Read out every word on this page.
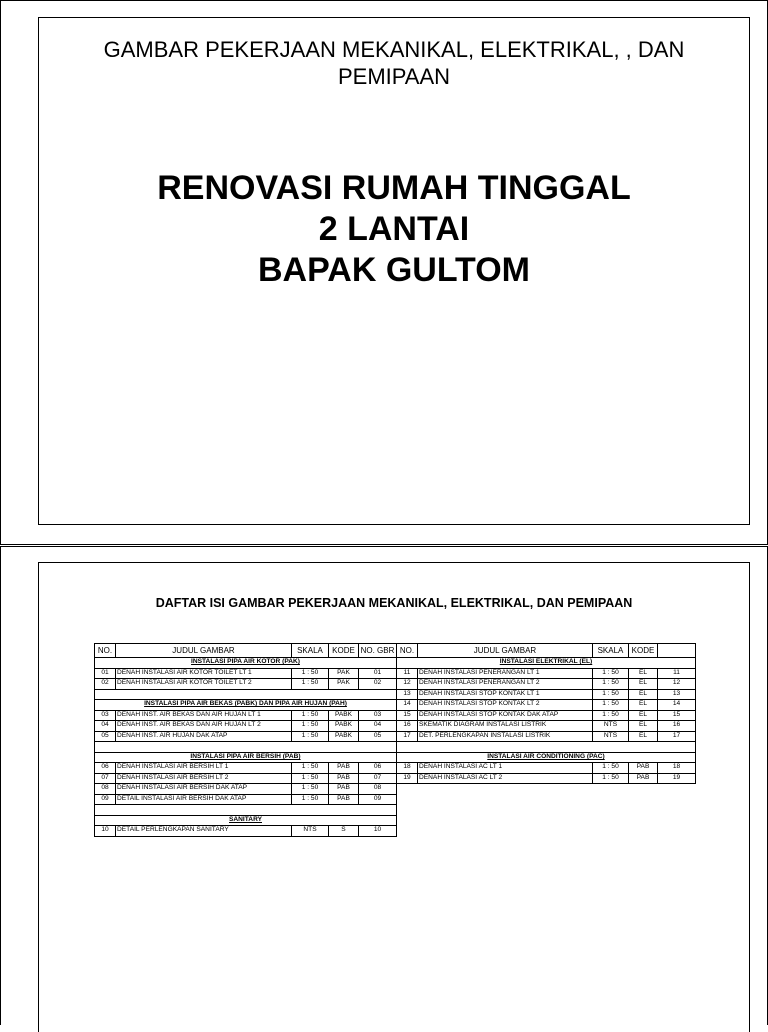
GAMBAR PEKERJAAN MEKANIKAL, ELEKTRIKAL, , DAN
PEMIPAAN
RENOVASI RUMAH TINGGAL
2 LANTAI
BAPAK GULTOM
DAFTAR ISI GAMBAR PEKERJAAN MEKANIKAL, ELEKTRIKAL, DAN PEMIPAAN
NO.	JUDUL GAMBAR	SKALA	KODE	NO. GBR
INSTALASI PIPA AIR KOTOR (PAK)				
01	DENAH INSTALASI AIR KOTOR TOILET LT 1	1 : 50	PAK	01
02	DENAH INSTALASI AIR KOTOR TOILET LT 2	1 : 50	PAK	02

INSTALASI PIPA AIR BEKAS (PABK) DAN PIPA AIR HUJAN (PAH)				
03	DENAH INST. AIR BEKAS DAN AIR HUJAN LT 1	1 : 50	PABK	03
04	DENAH INST. AIR BEKAS DAN AIR HUJAN LT 2	1 : 50	PABK	04
05	DENAH INST. AIR HUJAN DAK ATAP	1 : 50	PABK	05

INSTALASI PIPA AIR BERSIH (PAB)				
06	DENAH INSTALASI AIR BERSIH LT 1	1 : 50	PAB	06
07	DENAH INSTALASI AIR BERSIH LT 2	1 : 50	PAB	07
08	DENAH INSTALASI AIR BERSIH DAK ATAP	1 : 50	PAB	08
09	DETAIL INSTALASI AIR BERSIH DAK ATAP	1 : 50	PAB	09

SANITARY				
10	DETAIL PERLENGKAPAN SANITARY	NTS	S	10
NO.	JUDUL GAMBAR	SKALA	KODE	
INSTALASI ELEKTRIKAL (EL)				
11	DENAH INSTALASI PENERANGAN LT 1	1 : 50	EL	11
12	DENAH INSTALASI PENERANGAN LT 2	1 : 50	EL	12
13	DENAH INSTALASI STOP KONTAK LT 1	1 : 50	EL	13
14	DENAH INSTALASI STOP KONTAK LT 2	1 : 50	EL	14
15	DENAH INSTALASI STOP KONTAK DAK ATAP	1 : 50	EL	15
16	SKEMATIK DIAGRAM INSTALASI LISTRIK	NTS	EL	16
17	DET. PERLENGKAPAN INSTALASI LISTRIK	NTS	EL	17

INSTALASI AIR CONDITIONING (PAC)				
18	DENAH INSTALASI AC LT 1	1 : 50	PAB	18
19	DENAH INSTALASI AC LT 2	1 : 50	PAB	19
